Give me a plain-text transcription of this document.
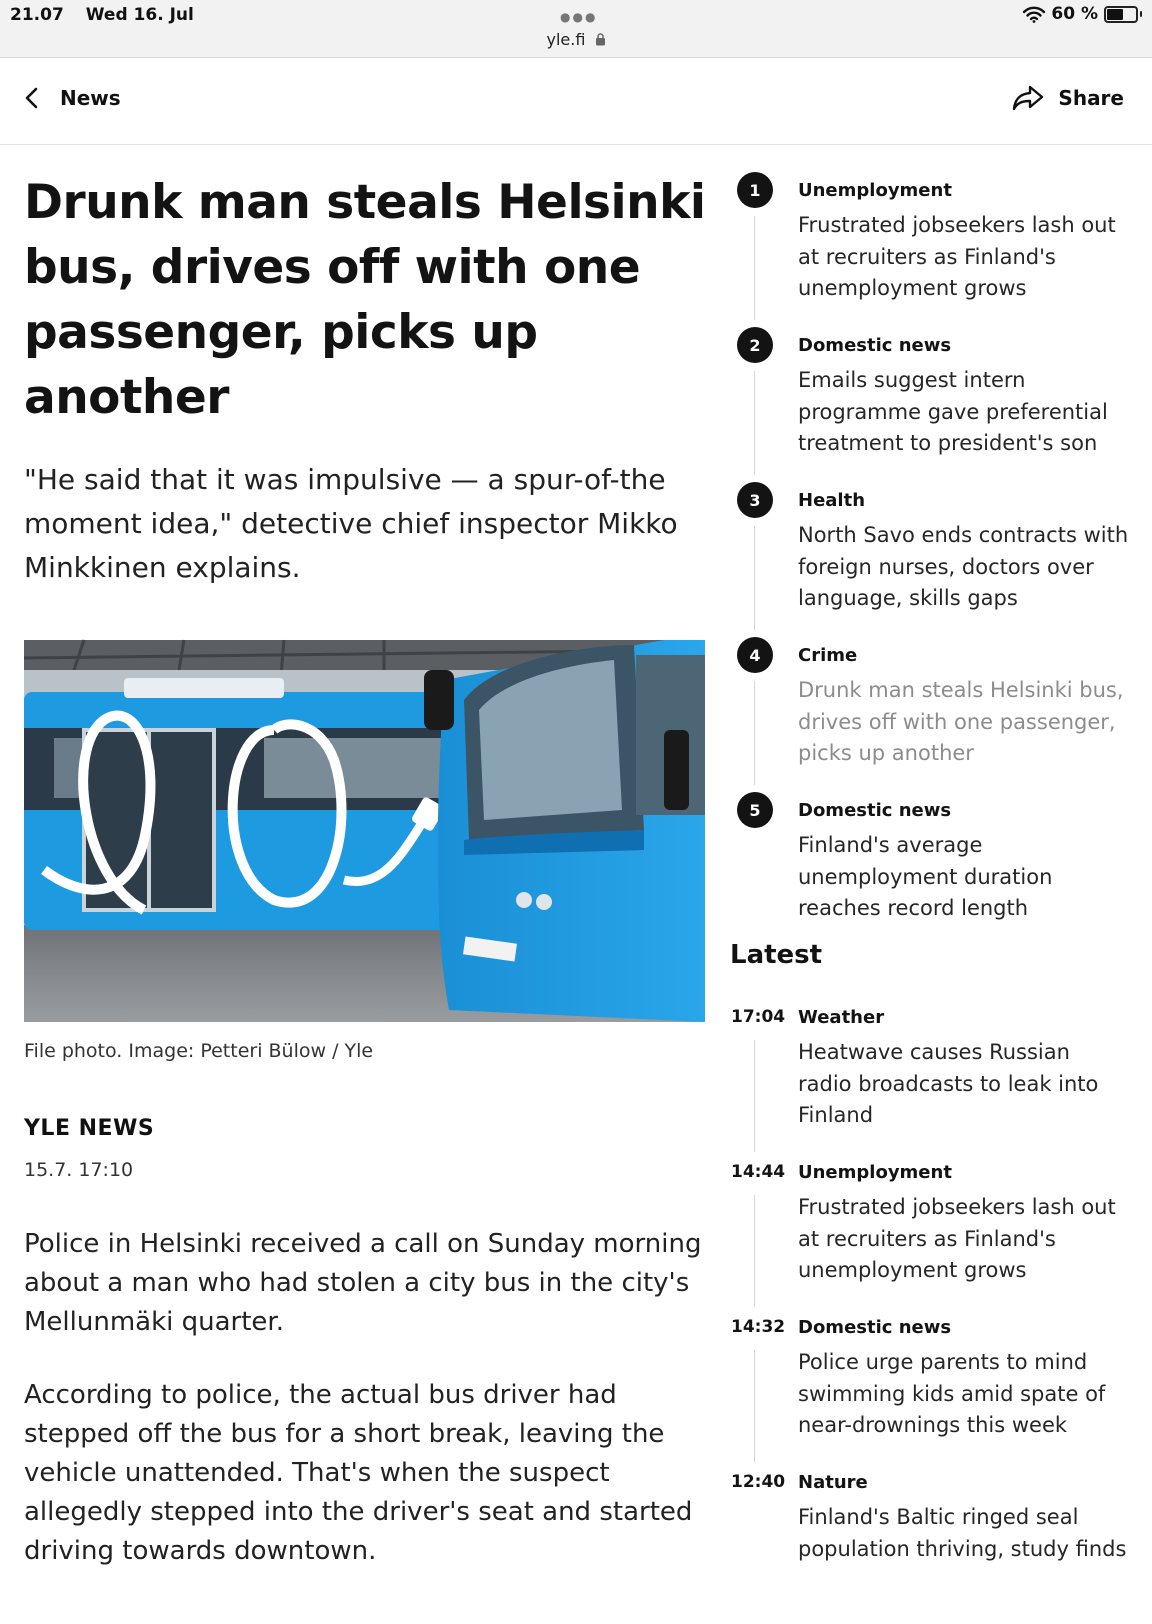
21.07 Wed 16. Jul	●●●
yle.fi
60 %
News	Share
Drunk man steals Helsinki bus, drives off with one passenger, picks up another

"He said that it was impulsive — a spur-of-the moment idea," detective chief inspector Mikko Minkkinen explains.

File photo. Image: Petteri Bülow / Yle

YLE NEWS

15.7. 17:10

Police in Helsinki received a call on Sunday morning about a man who had stolen a city bus in the city's Mellunmäki quarter.

According to police, the actual bus driver had stepped off the bus for a short break, leaving the vehicle unattended. That's when the suspect allegedly stepped into the driver's seat and started driving towards downtown.

1	Unemployment
Frustrated jobseekers lash out at recruiters as Finland's unemployment grows
2	Domestic news
Emails suggest intern programme gave preferential treatment to president's son
3	Health
North Savo ends contracts with foreign nurses, doctors over language, skills gaps
4	Crime
Drunk man steals Helsinki bus, drives off with one passenger, picks up another
5	Domestic news
Finland's average unemployment duration reaches record length
Latest
17:04 Weather
Heatwave causes Russian radio broadcasts to leak into Finland
14:44 Unemployment
Frustrated jobseekers lash out at recruiters as Finland's unemployment grows
14:32 Domestic news
Police urge parents to mind swimming kids amid spate of near-drownings this week
12:40 Nature
Finland's Baltic ringed seal population thriving, study finds
